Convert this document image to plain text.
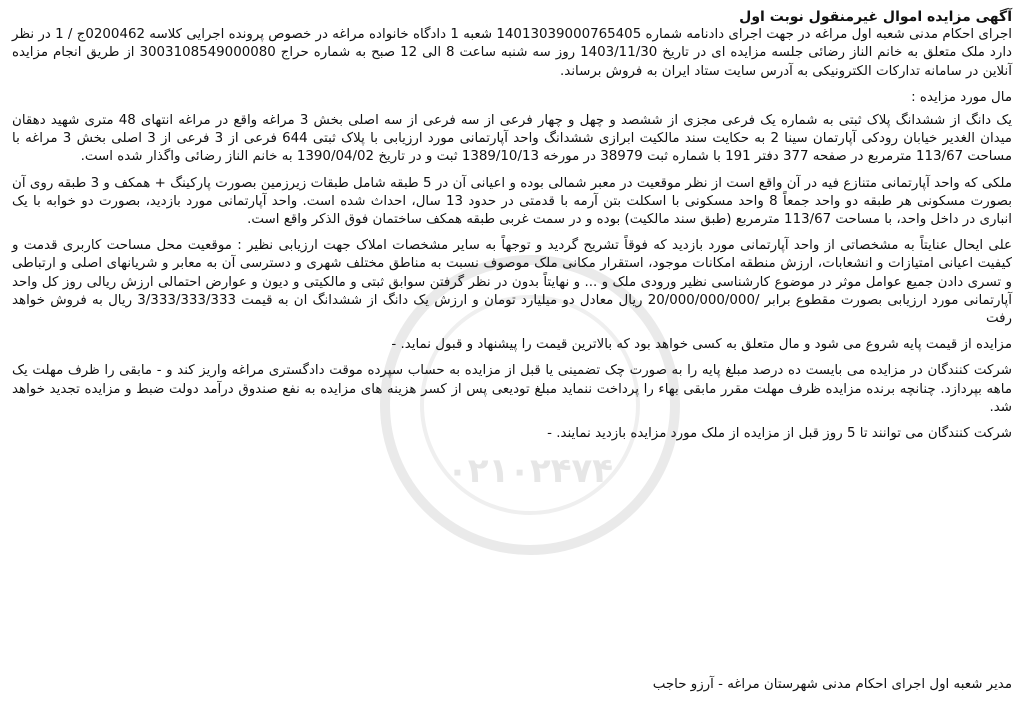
۰۲۱۰۲۴۷۴

آگهی مزایده اموال غیرمنقول نوبت اول

اجرای احکام مدنی شعبه اول مراغه در جهت اجرای دادنامه شماره 14013039000765405 شعبه 1 دادگاه خانواده مراغه در خصوص پرونده اجرایی کلاسه 0200462ج / 1 در نظر دارد ملک متعلق به خانم الناز رضائی جلسه مزایده ای در تاریخ 1403/11/30 روز سه شنبه ساعت 8 الی 12 صبح به شماره حراج 3003108549000080 از طریق انجام مزایده آنلاین در سامانه تدارکات الکترونیکی به آدرس سایت ستاد ایران به فروش برساند.

مال مورد مزایده :

یک دانگ از ششدانگ پلاک ثبتی به شماره یک فرعی مجزی از ششصد و چهل و چهار فرعی از سه فرعی از سه اصلی بخش 3 مراغه واقع در مراغه انتهای 48 متری شهید دهقان میدان الغدیر خیابان رودکی آپارتمان سینا 2 به حکایت سند مالکیت ابرازی ششدانگ واحد آپارتمانی مورد ارزیابی با پلاک ثبتی 644 فرعی از 3 فرعی از 3 اصلی بخش 3 مراغه با مساحت 113/67 مترمربع در صفحه 377 دفتر 191 با شماره ثبت 38979 در مورخه 1389/10/13 ثبت و در تاریخ 1390/04/02 به خانم الناز رضائی واگذار شده است.

ملکی که واحد آپارتمانی متنازع فیه در آن واقع است از نظر موقعیت در معبر شمالی بوده و اعیانی آن در 5 طبقه شامل طبقات زیرزمین بصورت پارکینگ + همکف و 3 طبقه روی آن بصورت مسکونی هر طبقه دو واحد جمعاً 8 واحد مسکونی با اسکلت بتن آرمه با قدمتی در حدود 13 سال، احداث شده است. واحد آپارتمانی مورد بازدید، بصورت دو خوابه با یک انباری در داخل واحد، با مساحت 113/67 مترمربع (طبق سند مالکیت) بوده و در سمت غربی طبقه همکف ساختمان فوق الذکر واقع است.

علی ایحال عنایتاً به مشخصاتی از واحد آپارتمانی مورد بازدید که فوقاً تشریح گردید و توجهاً به سایر مشخصات املاک جهت ارزیابی نظیر : موقعیت محل مساحت کاربری قدمت و کیفیت اعیانی امتیازات و انشعابات، ارزش منطقه امکانات موجود، استقرار مکانی ملک موصوف نسبت به مناطق مختلف شهری و دسترسی آن به معابر و شریانهای اصلی و ارتباطی و تسری دادن جمیع عوامل موثر در موضوع کارشناسی نظیر ورودی ملک و ... و نهایتاً بدون در نظر گرفتن سوابق ثبتی و مالکیتی و دیون و عوارض احتمالی ارزش ریالی روز کل واحد آپارتمانی مورد ارزیابی بصورت مقطوع برابر /20/000/000/000 ریال معادل دو میلیارد تومان و ارزش یک دانگ از ششدانگ ان به قیمت 3/333/333/333 ریال به فروش خواهد رفت

مزایده از قیمت پایه شروع می شود و مال متعلق به کسی خواهد بود که بالاترین قیمت را پیشنهاد و قبول نماید. -

شرکت کنندگان در مزایده می بایست ده درصد مبلغ پایه را به صورت چک تضمینی یا قبل از مزایده به حساب سپرده موقت دادگستری مراغه واریز کند و - مابقی را ظرف مهلت یک ماهه بپردازد. چنانچه برنده مزایده ظرف مهلت مقرر مابقی بهاء را پرداخت ننماید مبلغ تودیعی پس از کسر هزینه های مزایده به نفع صندوق درآمد دولت ضبط و مزایده تجدید خواهد شد.

شرکت کنندگان می توانند تا 5 روز قبل از مزایده از ملک مورد مزایده بازدید نمایند. -

مدیر شعبه اول اجرای احکام مدنی شهرستان مراغه - آرزو حاجب
